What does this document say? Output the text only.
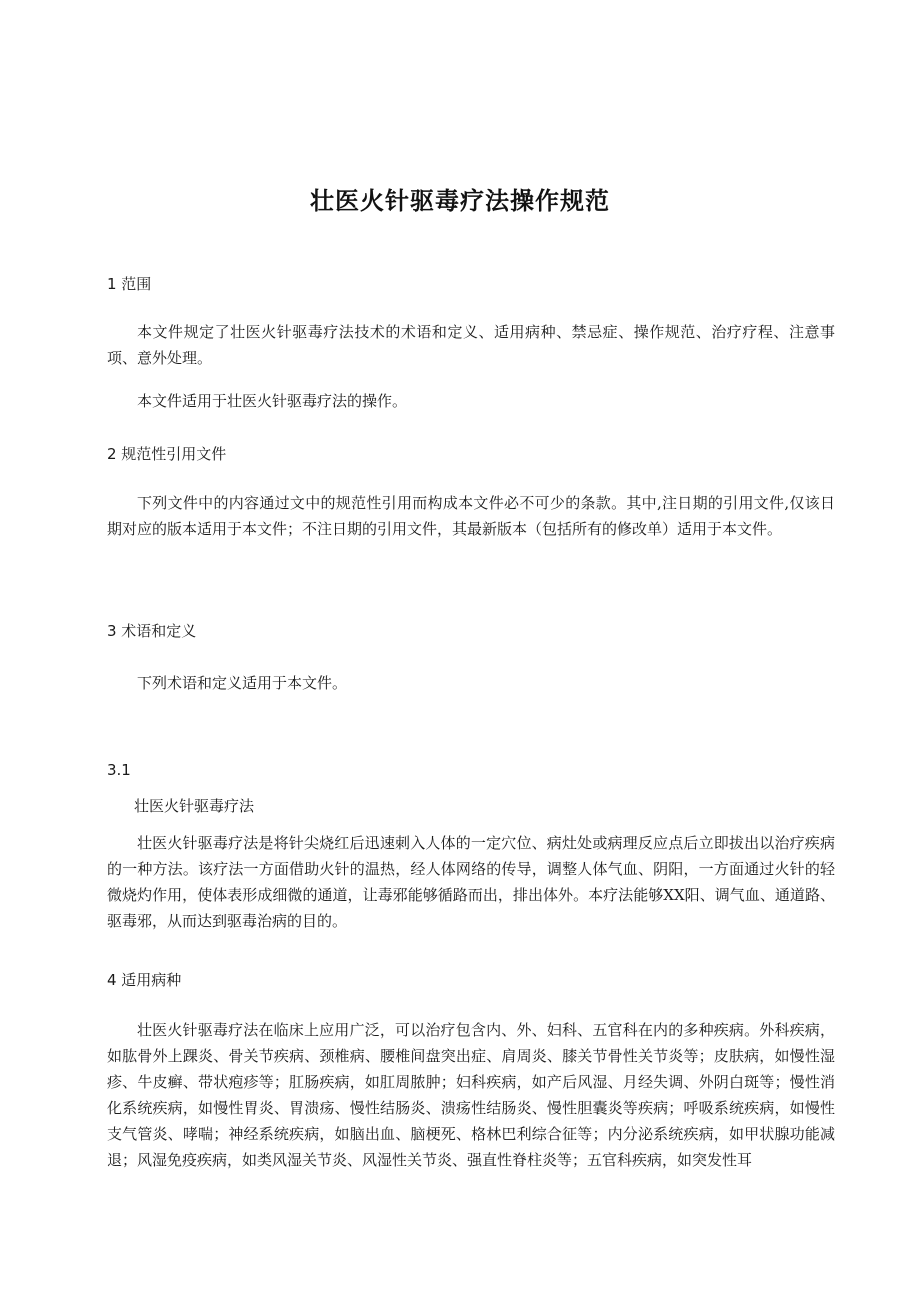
壮医火针驱毒疗法操作规范
1 范围
本文件规定了壮医火针驱毒疗法技术的术语和定义、适用病种、禁忌症、操作规范、治疗疗程、注意事项、意外处理。
本文件适用于壮医火针驱毒疗法的操作。
2 规范性引用文件
下列文件中的内容通过文中的规范性引用而构成本文件必不可少的条款。其中,注日期的引用文件,仅该日期对应的版本适用于本文件；不注日期的引用文件，其最新版本（包括所有的修改单）适用于本文件。
3 术语和定义
下列术语和定义适用于本文件。
3.1
壮医火针驱毒疗法
壮医火针驱毒疗法是将针尖烧红后迅速刺入人体的一定穴位、病灶处或病理反应点后立即拔出以治疗疾病的一种方法。该疗法一方面借助火针的温热，经人体网络的传导，调整人体气血、阴阳，一方面通过火针的轻微烧灼作用，使体表形成细微的通道，让毒邪能够循路而出，排出体外。本疗法能够XX阳、调气血、通道路、驱毒邪，从而达到驱毒治病的目的。
4 适用病种
壮医火针驱毒疗法在临床上应用广泛，可以治疗包含内、外、妇科、五官科在内的多种疾病。外科疾病，如肱骨外上踝炎、骨关节疾病、颈椎病、腰椎间盘突出症、肩周炎、膝关节骨性关节炎等；皮肤病，如慢性湿疹、牛皮癣、带状疱疹等；肛肠疾病，如肛周脓肿；妇科疾病，如产后风湿、月经失调、外阴白斑等；慢性消化系统疾病，如慢性胃炎、胃溃疡、慢性结肠炎、溃疡性结肠炎、慢性胆囊炎等疾病；呼吸系统疾病，如慢性支气管炎、哮喘；神经系统疾病，如脑出血、脑梗死、格林巴利综合征等；内分泌系统疾病，如甲状腺功能减退；风湿免疫疾病，如类风湿关节炎、风湿性关节炎、强直性脊柱炎等；五官科疾病，如突发性耳
